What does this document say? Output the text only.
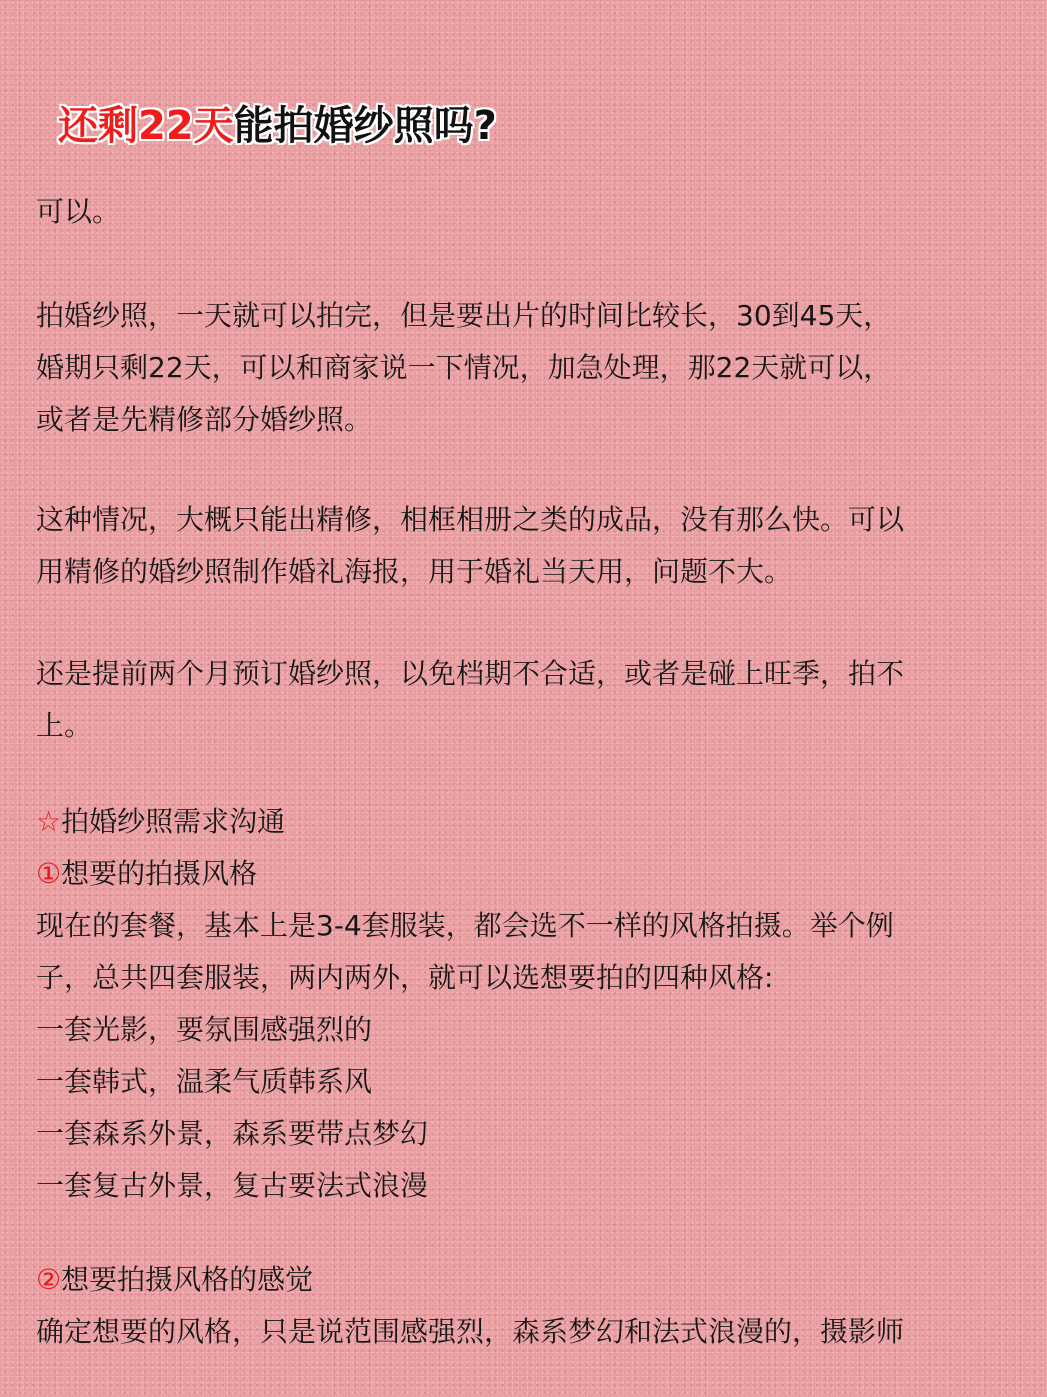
还剩22天能拍婚纱照吗?

可以。

拍婚纱照，一天就可以拍完，但是要出片的时间比较长，30到45天，
婚期只剩22天，可以和商家说一下情况，加急处理，那22天就可以，
或者是先精修部分婚纱照。
这种情况，大概只能出精修，相框相册之类的成品，没有那么快。可以
用精修的婚纱照制作婚礼海报，用于婚礼当天用，问题不大。
还是提前两个月预订婚纱照，以免档期不合适，或者是碰上旺季，拍不
上。
☆拍婚纱照需求沟通
①想要的拍摄风格
现在的套餐，基本上是3-4套服装，都会选不一样的风格拍摄。举个例
子，总共四套服装，两内两外，就可以选想要拍的四种风格:
一套光影，要氛围感强烈的
一套韩式，温柔气质韩系风
一套森系外景，森系要带点梦幻
一套复古外景，复古要法式浪漫
②想要拍摄风格的感觉
确定想要的风格，只是说范围感强烈，森系梦幻和法式浪漫的，摄影师
